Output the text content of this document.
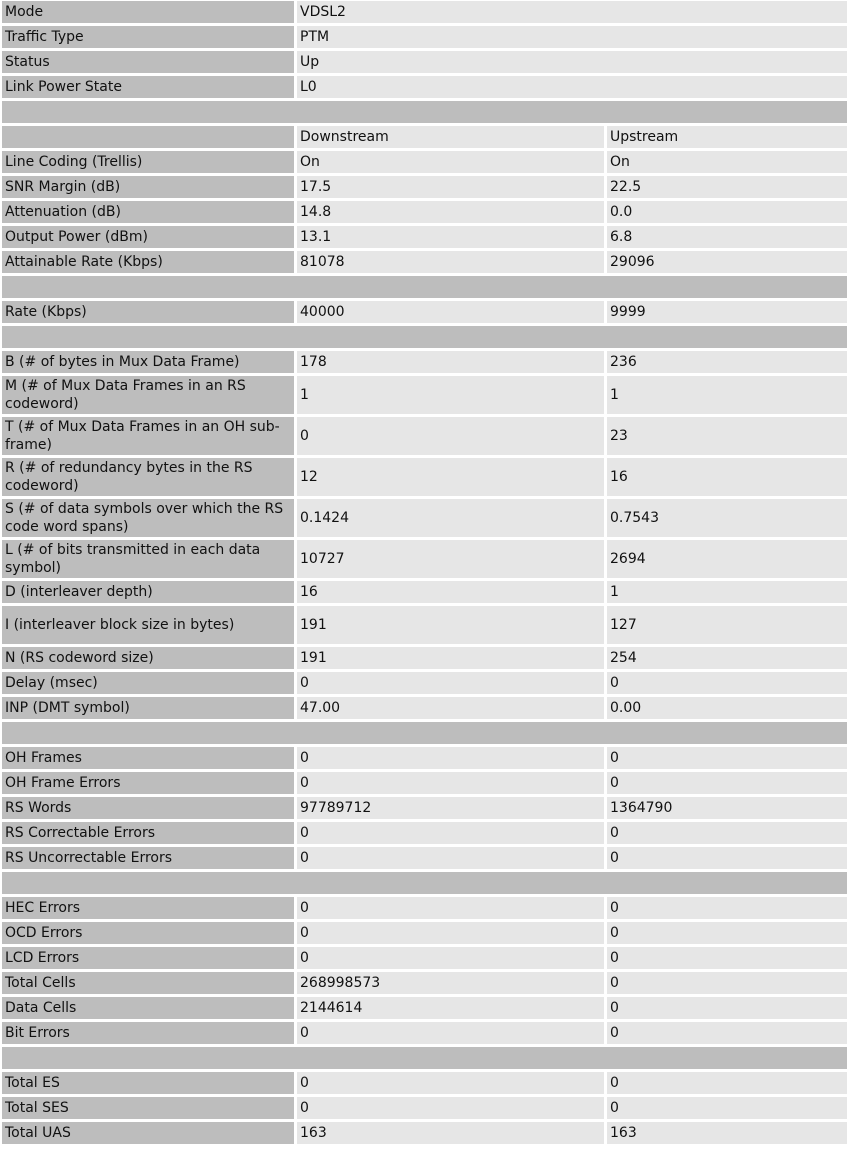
Mode	VDSL2	
Traffic Type	PTM	
Status	Up	
Link Power State	L0	

	Downstream	Upstream
Line Coding (Trellis)	On	On
SNR Margin (dB)	17.5	22.5
Attenuation (dB)	14.8	0.0
Output Power (dBm)	13.1	6.8
Attainable Rate (Kbps)	81078	29096

Rate (Kbps)	40000	9999

B (# of bytes in Mux Data Frame)	178	236
M (# of Mux Data Frames in an RS codeword)	1	1
T (# of Mux Data Frames in an OH sub-frame)	0	23
R (# of redundancy bytes in the RS codeword)	12	16
S (# of data symbols over which the RS code word spans)	0.1424	0.7543
L (# of bits transmitted in each data symbol)	10727	2694
D (interleaver depth)	16	1
I (interleaver block size in bytes)	191	127
N (RS codeword size)	191	254
Delay (msec)	0	0
INP (DMT symbol)	47.00	0.00

OH Frames	0	0
OH Frame Errors	0	0
RS Words	97789712	1364790
RS Correctable Errors	0	0
RS Uncorrectable Errors	0	0

HEC Errors	0	0
OCD Errors	0	0
LCD Errors	0	0
Total Cells	268998573	0
Data Cells	2144614	0
Bit Errors	0	0

Total ES	0	0
Total SES	0	0
Total UAS	163	163
